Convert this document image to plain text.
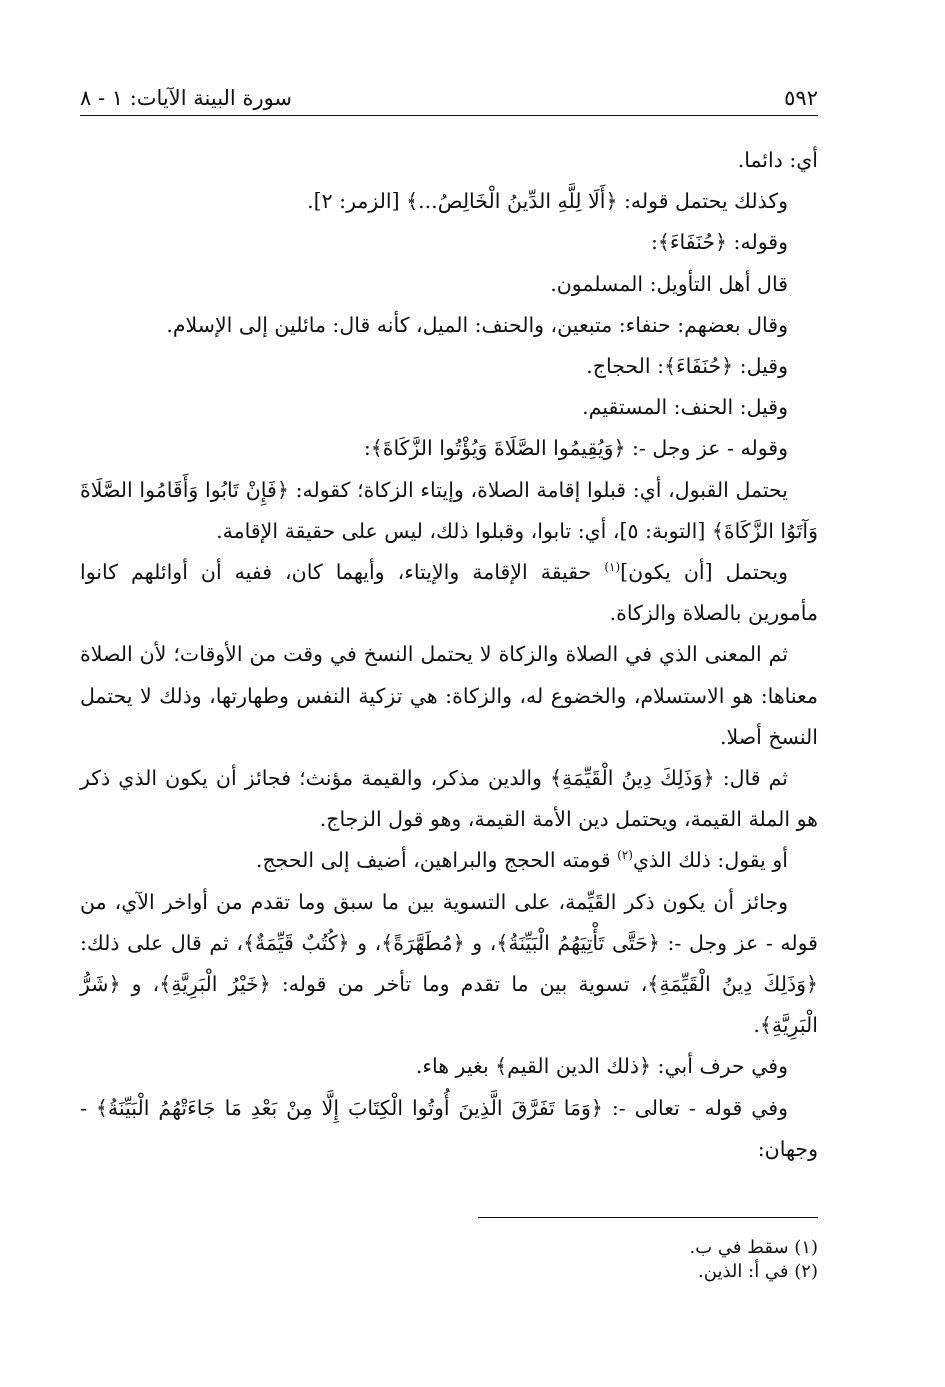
٥٩٢
سورة البينة الآيات: ١ - ٨

أي: دائما.

وكذلك يحتمل قوله: ﴿أَلَا لِلَّهِ الدِّينُ الْخَالِصُ...﴾ [الزمر: ٢].

وقوله: ﴿حُنَفَاءَ﴾:

قال أهل التأويل: المسلمون.

وقال بعضهم: حنفاء: متبعين، والحنف: الميل، كأنه قال: مائلين إلى الإسلام.

وقيل: ﴿حُنَفَاءَ﴾: الحجاج.

وقيل: الحنف: المستقيم.

وقوله - عز وجل -: ﴿وَيُقِيمُوا الصَّلَاةَ وَيُؤْتُوا الزَّكَاةَ﴾:

يحتمل القبول، أي: قبلوا إقامة الصلاة، وإيتاء الزكاة؛ كقوله: ﴿فَإِنْ تَابُوا وَأَقَامُوا الصَّلَاةَ وَآتَوُا الزَّكَاةَ﴾ [التوبة: ٥]، أي: تابوا، وقبلوا ذلك، ليس على حقيقة الإقامة.

ويحتمل [أن يكون]$^{(١)}$ حقيقة الإقامة والإيتاء، وأيهما كان، ففيه أن أوائلهم كانوا مأمورين بالصلاة والزكاة.

ثم المعنى الذي في الصلاة والزكاة لا يحتمل النسخ في وقت من الأوقات؛ لأن الصلاة معناها: هو الاستسلام، والخضوع له، والزكاة: هي تزكية النفس وطهارتها، وذلك لا يحتمل النسخ أصلا.

ثم قال: ﴿وَذَلِكَ دِينُ الْقَيِّمَةِ﴾ والدين مذكر، والقيمة مؤنث؛ فجائز أن يكون الذي ذكر هو الملة القيمة، ويحتمل دين الأمة القيمة، وهو قول الزجاج.

أو يقول: ذلك الذي$^{(٢)}$ قومته الحجج والبراهين، أضيف إلى الحجج.

وجائز أن يكون ذكر القَيِّمة، على التسوية بين ما سبق وما تقدم من أواخر الآي، من قوله - عز وجل -: ﴿حَتَّى تَأْتِيَهُمُ الْبَيِّنَةُ﴾، و ﴿مُطَهَّرَةً﴾، و ﴿كُتُبٌ قَيِّمَةٌ﴾، ثم قال على ذلك: ﴿وَذَلِكَ دِينُ الْقَيِّمَةِ﴾، تسوية بين ما تقدم وما تأخر من قوله: ﴿خَيْرُ الْبَرِيَّةِ﴾، و ﴿شَرُّ الْبَرِيَّةِ﴾.

وفي حرف أبي: ﴿ذلك الدين القيم﴾ بغير هاء.

وفي قوله - تعالى -: ﴿وَمَا تَفَرَّقَ الَّذِينَ أُوتُوا الْكِتَابَ إِلَّا مِنْ بَعْدِ مَا جَاءَتْهُمُ الْبَيِّنَةُ﴾ - وجهان:

(١) سقط في ب.
(٢) في أ: الذين.
